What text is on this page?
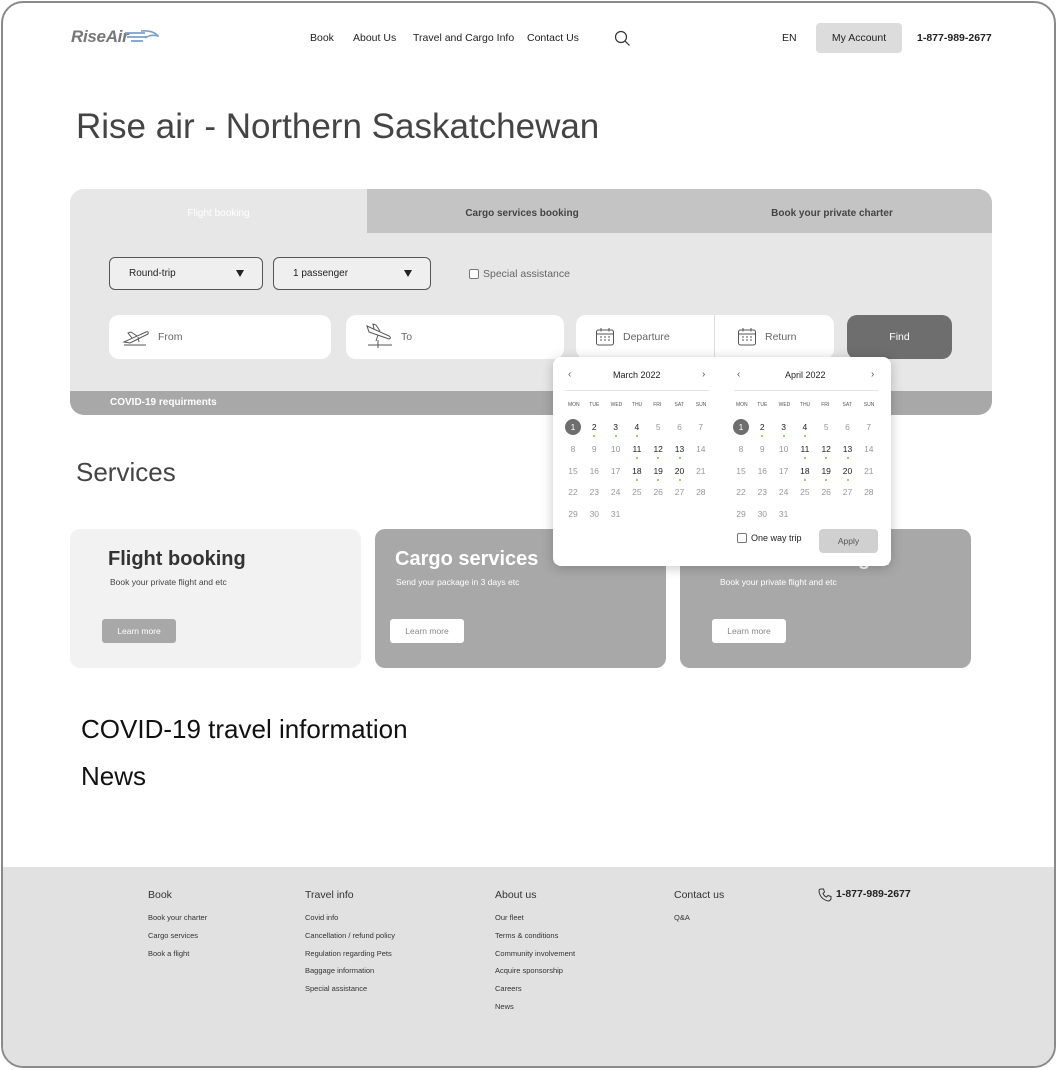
RiseAir	Book About Us Travel and Cargo Info Contact Us	EN	My Account	1-877-989-2677
Rise air - Northern Saskatchewan
Flight booking	Cargo services booking	Book your private charter
Round-trip	1 passenger	Special assistance
From	To	Departure	Return	Find
COVID-19 requirments
Services
Flight booking

Book your private flight and etc

Learn more
Cargo services

Send your package in 3 days etc

Learn more

Book your private flight and etc

Learn more
COVID-19 travel information
News
Book
Book your charter
Cargo services
Book a flight
Travel info
Covid info
Cancellation / refund policy
Regulation regarding Pets
Baggage information
Special assistance
About us
Our fleet
Terms & conditions
Community involvement
Acquire sponsorship
Careers
News
Contact us
Q&A
1-877-989-2677
‹	March 2022	›	‹	April 2022	›
MON TUE WED THU FRI	SAT SUN
1	2	3	4	5	6	7
8	9	10	11	12	13	14
15	16	17	18	19	20	21
22	23	24	25	26	27	28
29	30	31
MON TUE WED THU FRI	SAT SUN
1	2	3	4	5	6	7
8	9	10	11	12	13	14
15	16	17	18	19	20	21
22	23	24	25	26	27	28
29	30	31
One way trip	Apply
